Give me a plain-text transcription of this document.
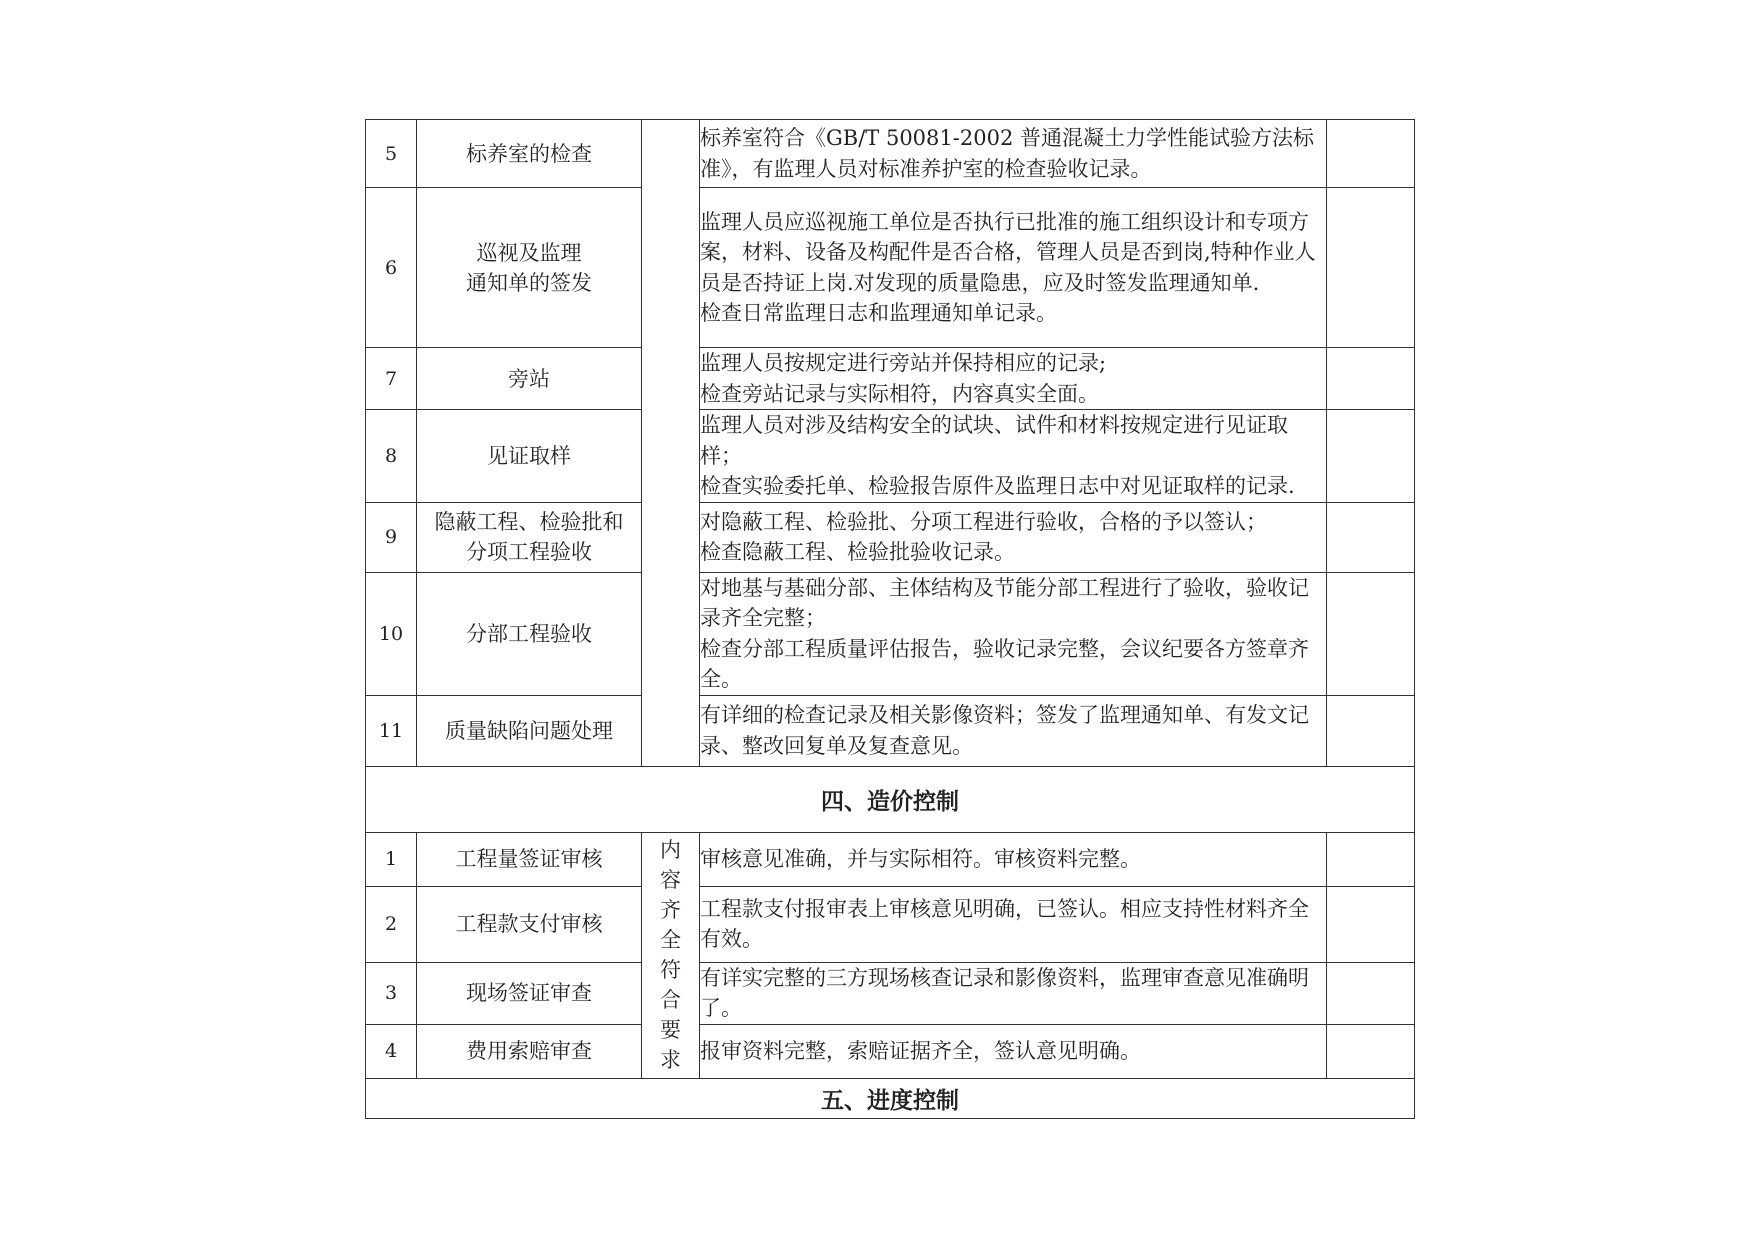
5	标养室的检查		标养室符合《GB/T 50081-2002 普通混凝土力学性能试验方法标准》，有监理人员对标准养护室的检查验收记录。	

6	巡视及监理
通知单的签发		监理人员应巡视施工单位是否执行已批准的施工组织设计和专项方案，材料、设备及构配件是否合格，管理人员是否到岗,特种作业人员是否持证上岗.对发现的质量隐患，应及时签发监理通知单.
检查日常监理日志和监理通知单记录。	

7	旁站		监理人员按规定进行旁站并保持相应的记录;
检查旁站记录与实际相符，内容真实全面。	

8	见证取样		监理人员对涉及结构安全的试块、试件和材料按规定进行见证取样；
检查实验委托单、检验报告原件及监理日志中对见证取样的记录.	

9	隐蔽工程、检验批和
分项工程验收		对隐蔽工程、检验批、分项工程进行验收，合格的予以签认；
检查隐蔽工程、检验批验收记录。	

10	分部工程验收		对地基与基础分部、主体结构及节能分部工程进行了验收，验收记录齐全完整；
检查分部工程质量评估报告，验收记录完整，会议纪要各方签章齐全。	

11	质量缺陷问题处理		有详细的检查记录及相关影像资料；签发了监理通知单、有发文记录、整改回复单及复查意见。	

四、造价控制				
1	工程量签证审核	内容齐全符合要求	审核意见准确，并与实际相符。审核资料完整。	

2	工程款支付审核		工程款支付报审表上审核意见明确，已签认。相应支持性材料齐全有效。	

3	现场签证审查		有详实完整的三方现场核查记录和影像资料，监理审查意见准确明了。	

4	费用索赔审查		报审资料完整，索赔证据齐全，签认意见明确。	

五、进度控制				
